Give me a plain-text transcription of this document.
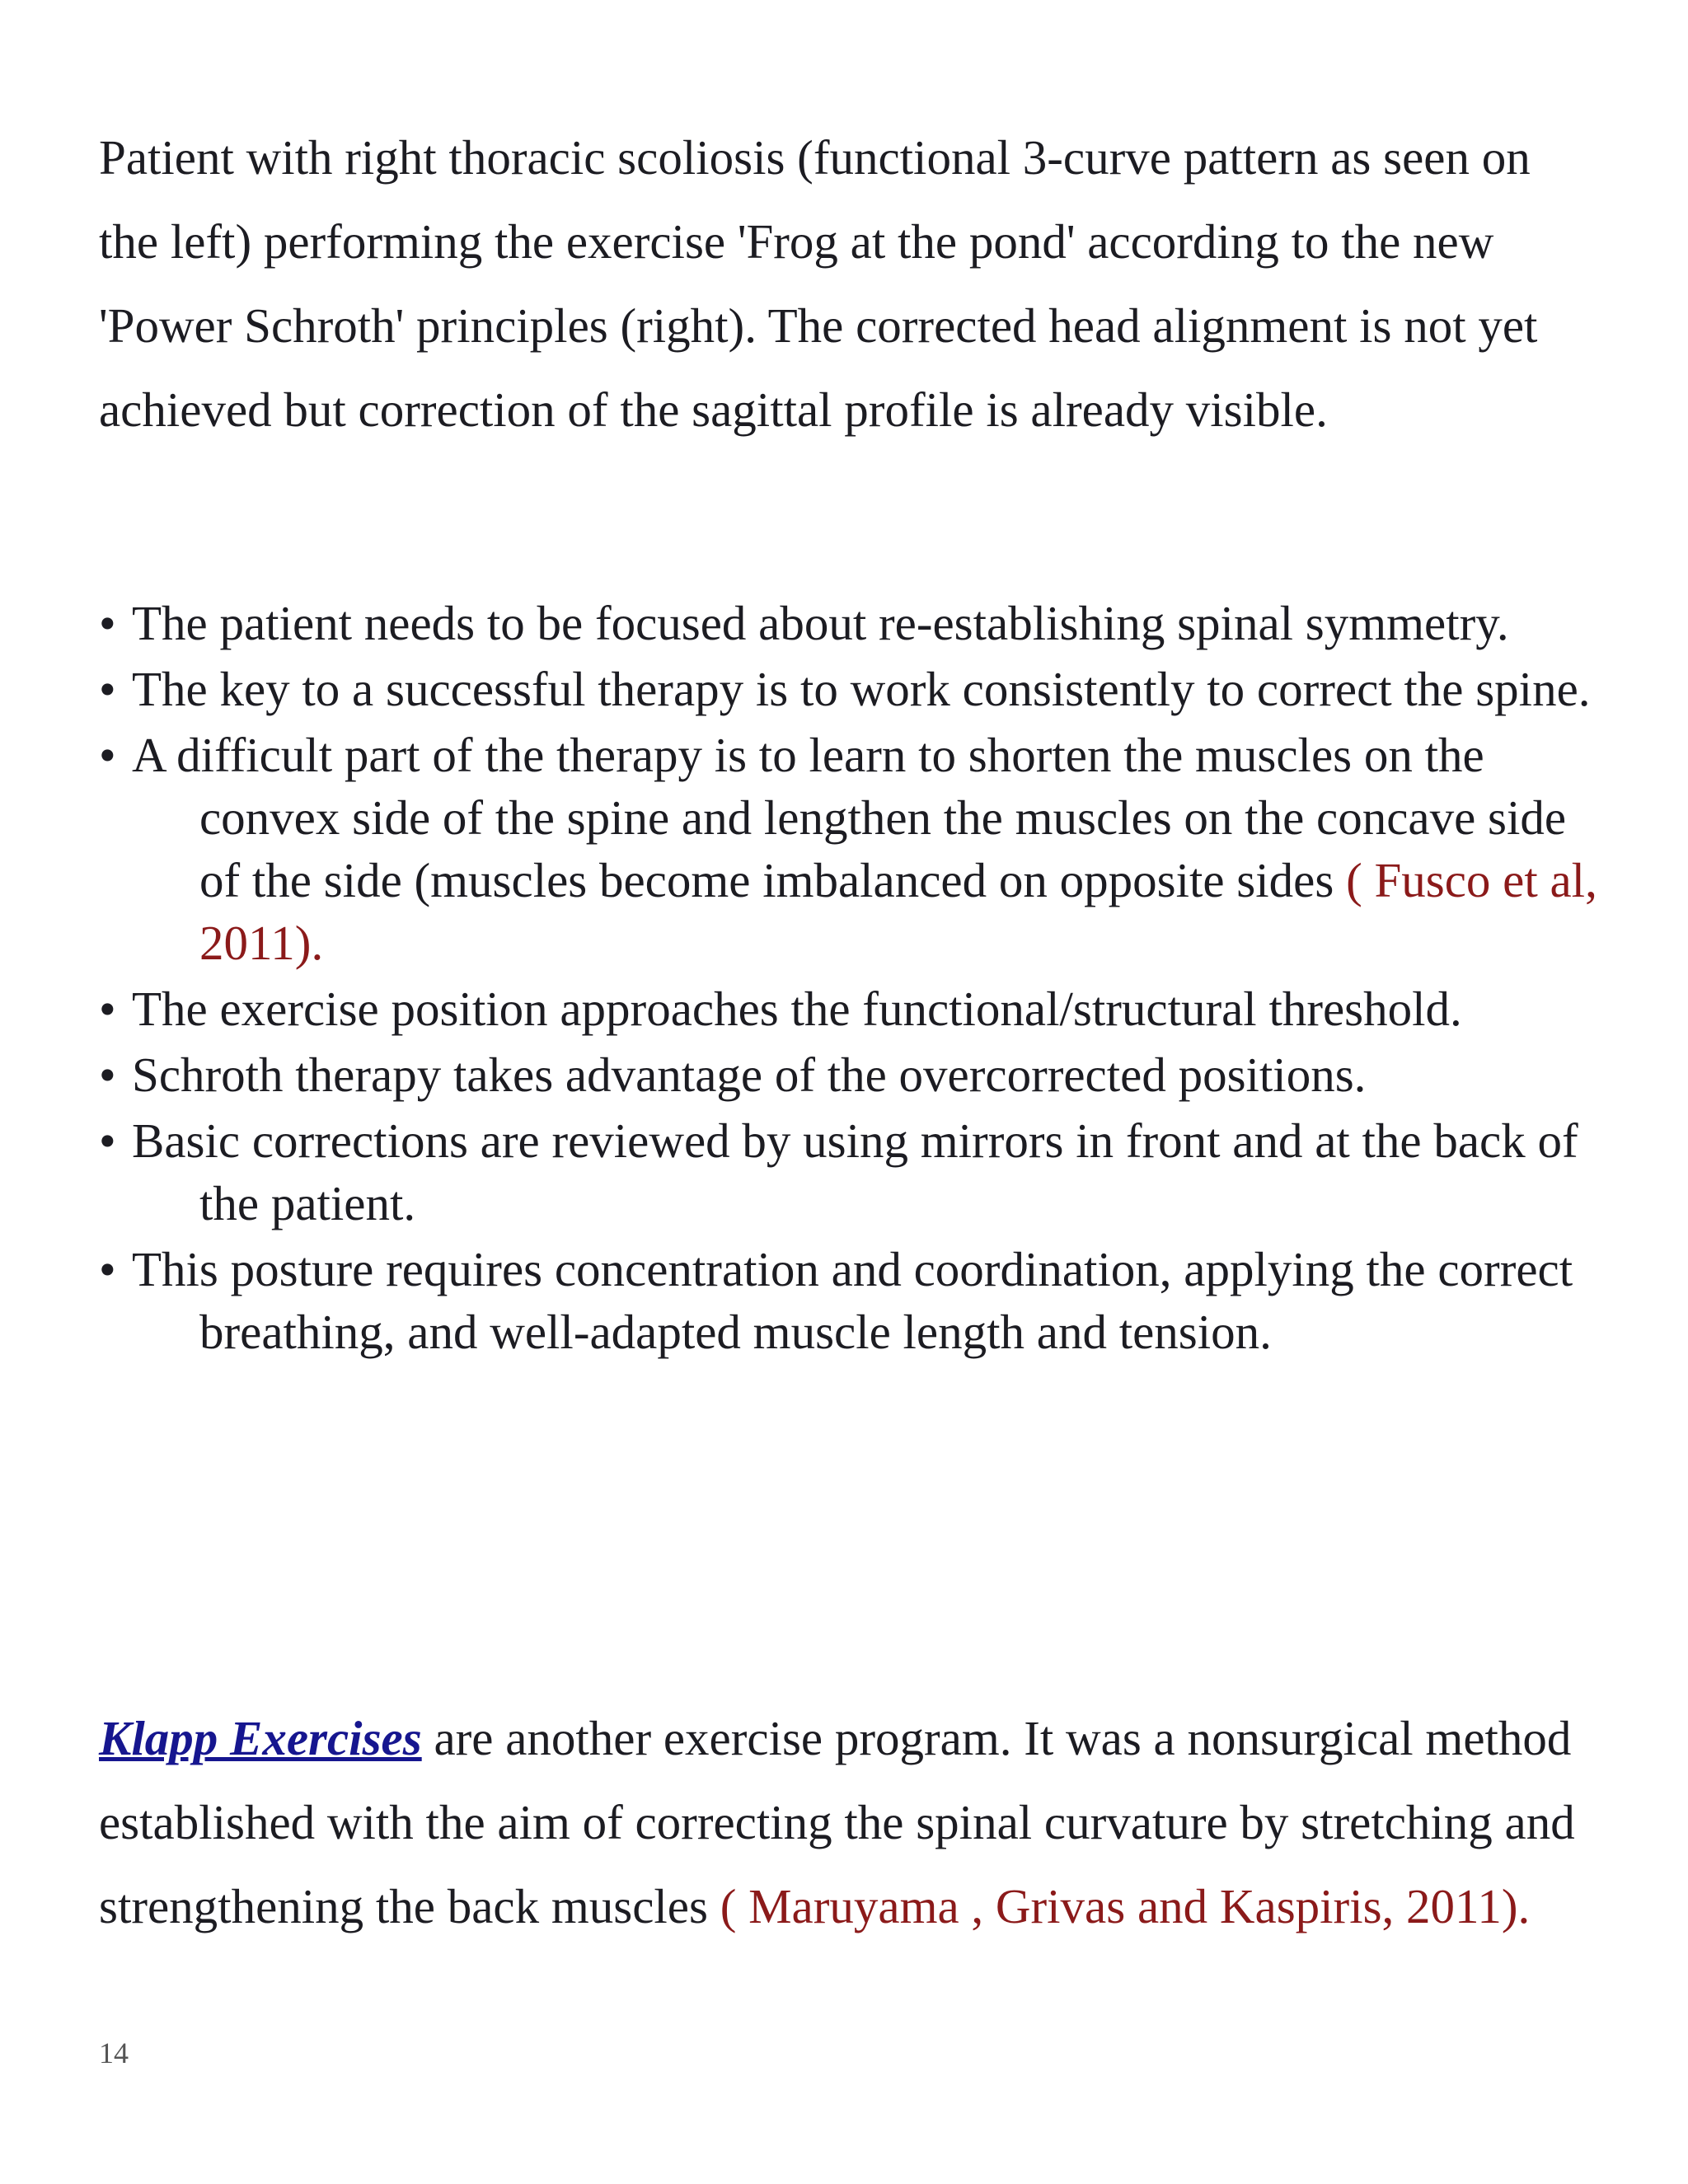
Patient with right thoracic scoliosis (functional 3-curve pattern as seen on the left) performing the exercise 'Frog at the pond' according to the new 'Power Schroth' principles (right). The corrected head alignment is not yet achieved but correction of the sagittal profile is already visible.

• The patient needs to be focused about re-establishing spinal symmetry.
• The key to a successful therapy is to work consistently to correct the spine.
• A difficult part of the therapy is to learn to shorten the muscles on the convex side of the spine and lengthen the muscles on the concave side of the side (muscles become imbalanced on opposite sides ( Fusco et al, 2011).
• The exercise position approaches the functional/structural threshold.
• Schroth therapy takes advantage of the overcorrected positions.
• Basic corrections are reviewed by using mirrors in front and at the back of the patient.
• This posture requires concentration and coordination, applying the correct breathing, and well-adapted muscle length and tension.

Klapp Exercises are another exercise program. It was a nonsurgical method established with the aim of correcting the spinal curvature by stretching and strengthening the back muscles ( Maruyama , Grivas and Kaspiris, 2011).

14
